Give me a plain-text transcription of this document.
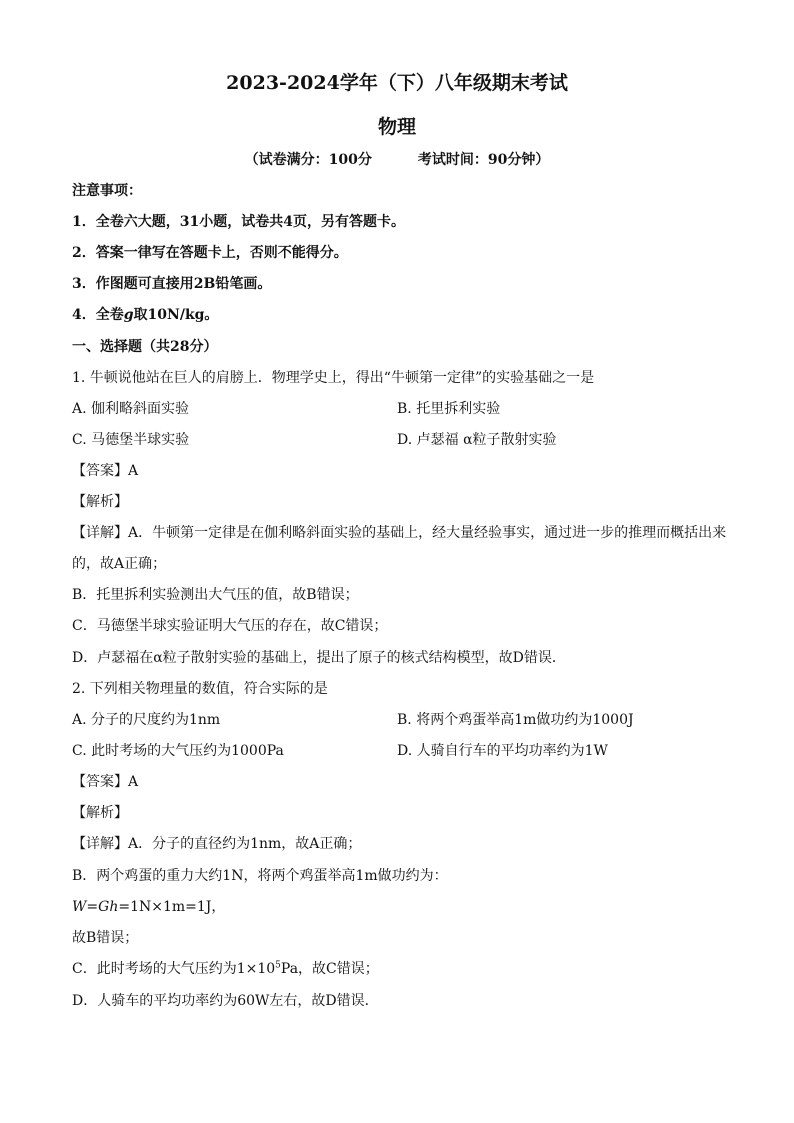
2023-2024学年（下）八年级期末考试
物理
（试卷满分：100分	考试时间：90分钟）
注意事项：
1．全卷六大题，31小题，试卷共4页，另有答题卡。
2．答案一律写在答题卡上，否则不能得分。
3．作图题可直接用2B铅笔画。
4．全卷g取10N/kg。
一、选择题（共28分）
1. 牛顿说他站在巨人的肩膀上．物理学史上，得出“牛顿第一定律”的实验基础之一是
A. 伽利略斜面实验	B. 托里拆利实验
C. 马德堡半球实验	D. 卢瑟福 α粒子散射实验
【答案】A
【解析】
【详解】A．牛顿第一定律是在伽利略斜面实验的基础上，经大量经验事实，通过进一步的推理而概括出来
的，故A正确；
B．托里拆利实验测出大气压的值，故B错误；
C．马德堡半球实验证明大气压的存在，故C错误；
D．卢瑟福在α粒子散射实验的基础上，提出了原子的核式结构模型，故D错误．
2. 下列相关物理量的数值，符合实际的是
A. 分子的尺度约为1nm	B. 将两个鸡蛋举高1m做功约为1000J
C. 此时考场的大气压约为1000Pa	D. 人骑自行车的平均功率约为1W
【答案】A
【解析】
【详解】A．分子的直径约为1nm，故A正确；
B．两个鸡蛋的重力大约1N，将两个鸡蛋举高1m做功约为：
W=Gh=1N×1m=1J，
故B错误；
C．此时考场的大气压约为$1\times 10^5Pa$，故C错误；
D．人骑车的平均功率约为60W左右，故D错误．
